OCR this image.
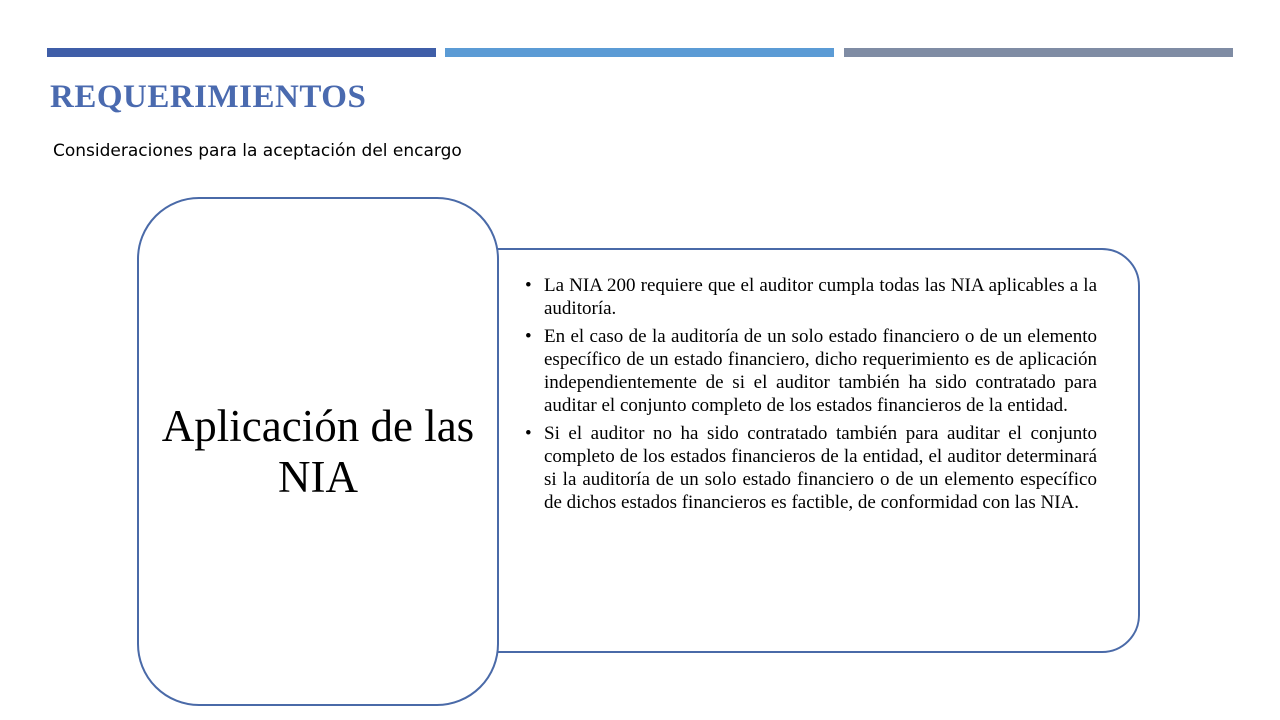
REQUERIMIENTOS

Consideraciones para la aceptación del encargo

• La NIA 200 requiere que el auditor cumpla todas las NIA aplicables a la auditoría.
• En el caso de la auditoría de un solo estado financiero o de un elemento específico de un estado financiero, dicho requerimiento es de aplicación independientemente de si el auditor también ha sido contratado para auditar el conjunto completo de los estados financieros de la entidad.
• Si el auditor no ha sido contratado también para auditar el conjunto completo de los estados financieros de la entidad, el auditor determinará si la auditoría de un solo estado financiero o de un elemento específico de dichos estados financieros es factible, de conformidad con las NIA.

Aplicación de las NIA
